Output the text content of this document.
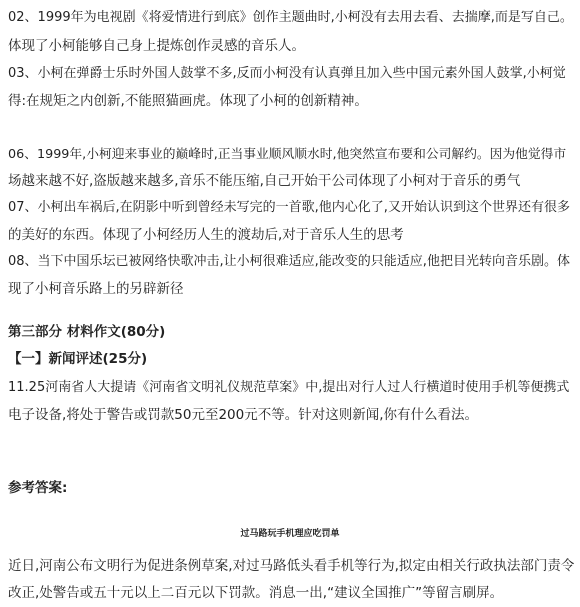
02、1999年为电视剧《将爱情进行到底》创作主题曲时,小柯没有去用去看、去揣摩,而是写自己。
体现了小柯能够自己身上提炼创作灵感的音乐人。
03、小柯在弹爵士乐时外国人鼓掌不多,反而小柯没有认真弹且加入些中国元素外国人鼓掌,小柯觉
得:在规矩之内创新,不能照猫画虎。体现了小柯的创新精神。
06、1999年,小柯迎来事业的巅峰时,正当事业顺风顺水时,他突然宣布要和公司解约。因为他觉得市
场越来越不好,盗版越来越多,音乐不能压缩,自己开始干公司体现了小柯对于音乐的勇气
07、小柯出车祸后,在阴影中听到曾经未写完的一首歌,他内心化了,又开始认识到这个世界还有很多
的美好的东西。体现了小柯经历人生的渡劫后,对于音乐人生的思考
08、当下中国乐坛已被网络快歌冲击,让小柯很难适应,能改变的只能适应,他把目光转向音乐剧。体
现了小柯音乐路上的另辟新径
第三部分 材料作文(80分)
【一】新闻评述(25分)
11.25河南省人大提请《河南省文明礼仪规范草案》中,提出对行人过人行横道时使用手机等便携式
电子设备,将处于警告或罚款50元至200元不等。针对这则新闻,你有什么看法。
参考答案:
过马路玩手机理应吃罚单
近日,河南公布文明行为促进条例草案,对过马路低头看手机等行为,拟定由相关行政执法部门责令
改正,处警告或五十元以上二百元以下罚款。消息一出,“建议全国推广”等留言刷屏。
